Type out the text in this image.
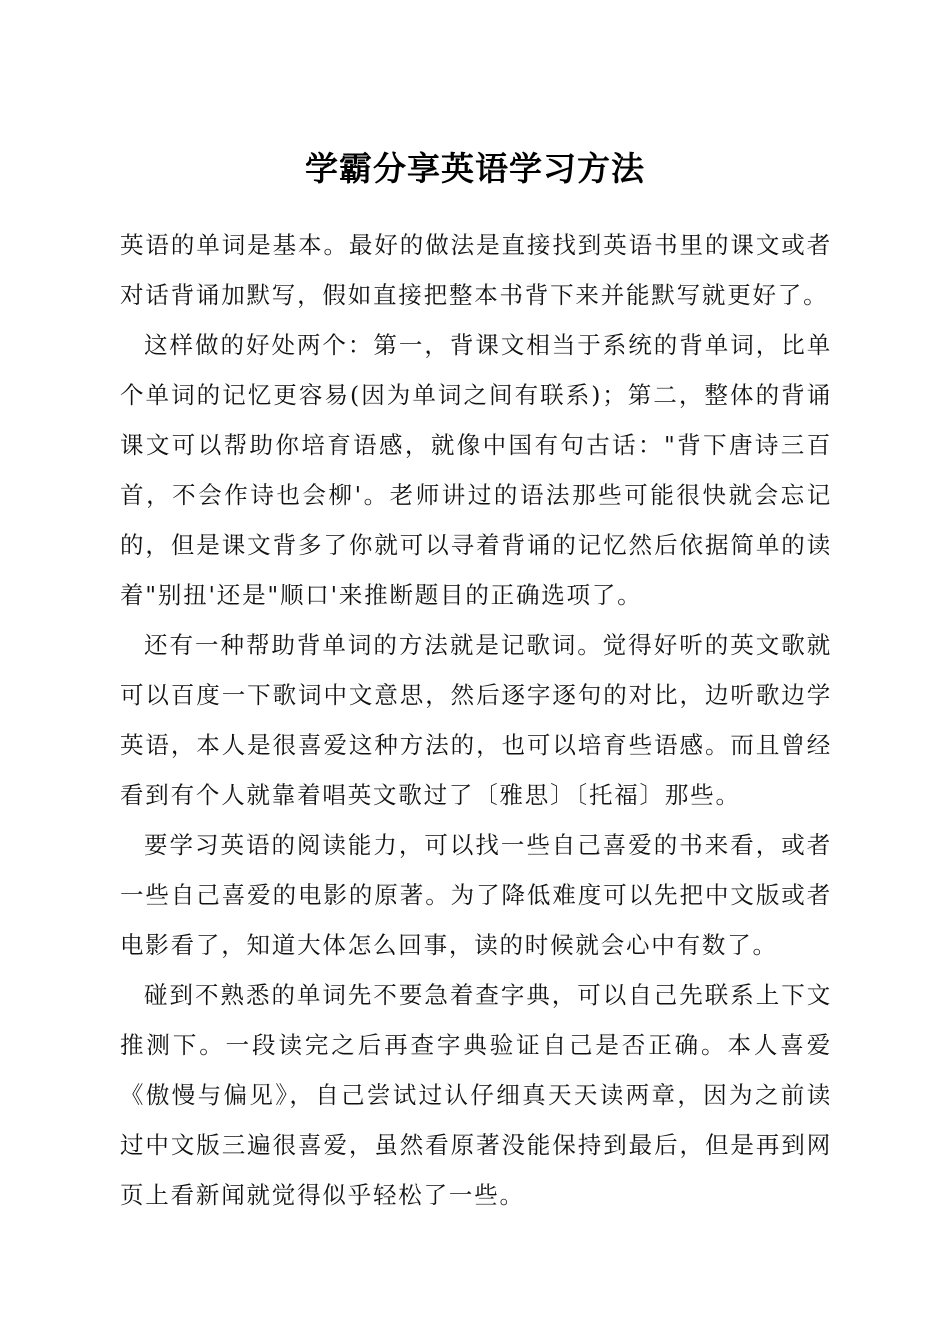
学霸分享英语学习方法

英语的单词是基本。最好的做法是直接找到英语书里的课文或者对话背诵加默写，假如直接把整本书背下来并能默写就更好了。

这样做的好处两个：第一，背课文相当于系统的背单词，比单个单词的记忆更容易(因为单词之间有联系)；第二，整体的背诵课文可以帮助你培育语感，就像中国有句古话："背下唐诗三百首，不会作诗也会柳'。老师讲过的语法那些可能很快就会忘记的，但是课文背多了你就可以寻着背诵的记忆然后依据简单的读着"别扭'还是"顺口'来推断题目的正确选项了。

还有一种帮助背单词的方法就是记歌词。觉得好听的英文歌就可以百度一下歌词中文意思，然后逐字逐句的对比，边听歌边学英语，本人是很喜爱这种方法的，也可以培育些语感。而且曾经看到有个人就靠着唱英文歌过了〔雅思〕〔托福〕那些。

要学习英语的阅读能力，可以找一些自己喜爱的书来看，或者一些自己喜爱的电影的原著。为了降低难度可以先把中文版或者电影看了，知道大体怎么回事，读的时候就会心中有数了。

碰到不熟悉的单词先不要急着查字典，可以自己先联系上下文推测下。一段读完之后再查字典验证自己是否正确。本人喜爱《傲慢与偏见》，自己尝试过认仔细真天天读两章，因为之前读过中文版三遍很喜爱，虽然看原著没能保持到最后，但是再到网页上看新闻就觉得似乎轻松了一些。
